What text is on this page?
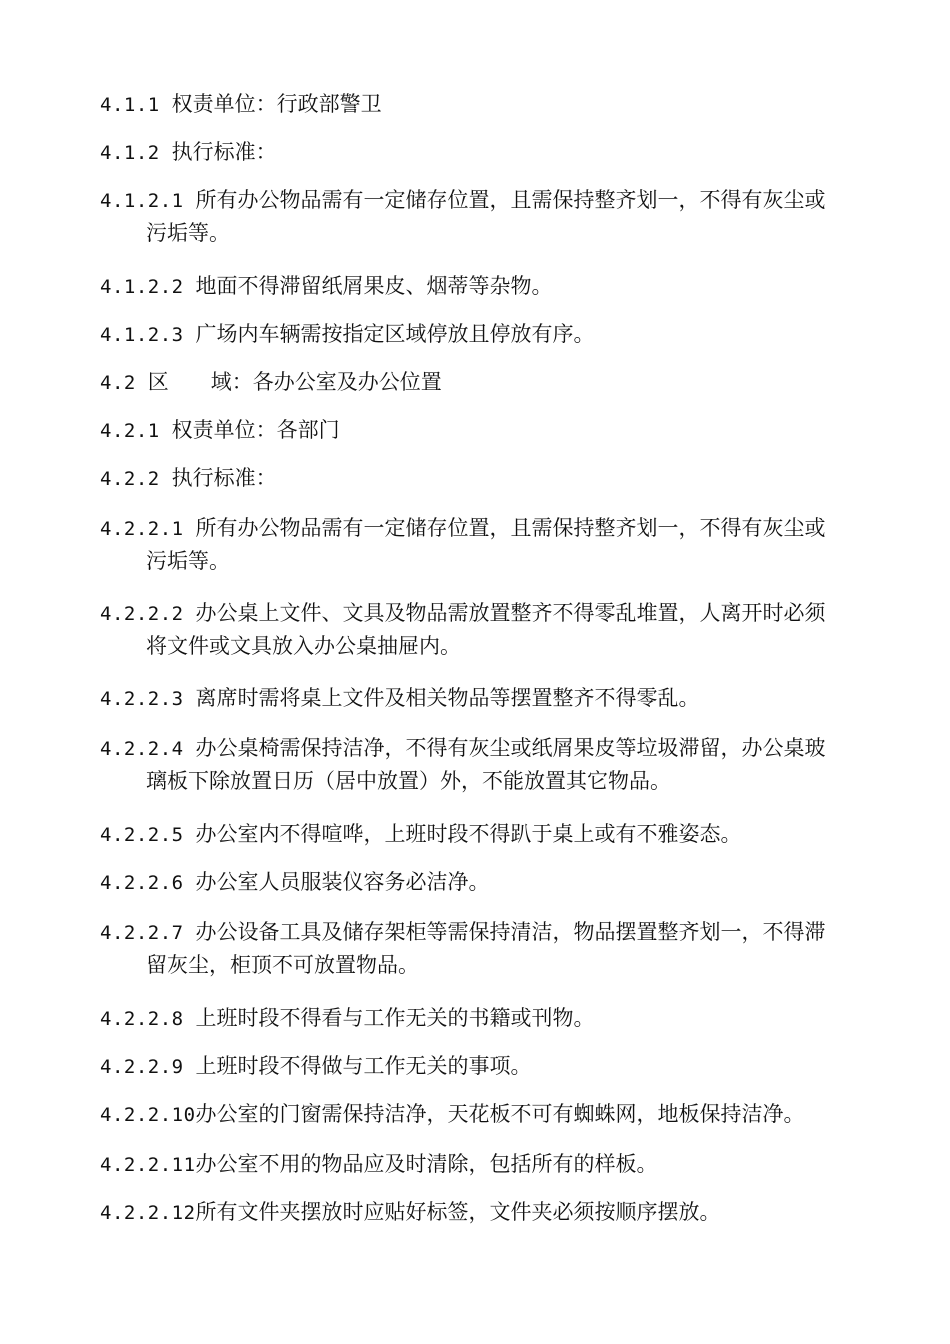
4.1.1 权责单位：行政部警卫
4.1.2 执行标准：
4.1.2.1 所有办公物品需有一定储存位置，且需保持整齐划一，不得有灰尘或
污垢等。
4.1.2.2 地面不得滞留纸屑果皮、烟蒂等杂物。
4.1.2.3 广场内车辆需按指定区域停放且停放有序。
4.2 区　　域：各办公室及办公位置
4.2.1 权责单位：各部门
4.2.2 执行标准：
4.2.2.1 所有办公物品需有一定储存位置，且需保持整齐划一，不得有灰尘或
污垢等。
4.2.2.2 办公桌上文件、文具及物品需放置整齐不得零乱堆置，人离开时必须
将文件或文具放入办公桌抽屉内。
4.2.2.3 离席时需将桌上文件及相关物品等摆置整齐不得零乱。
4.2.2.4 办公桌椅需保持洁净，不得有灰尘或纸屑果皮等垃圾滞留，办公桌玻
璃板下除放置日历（居中放置）外，不能放置其它物品。
4.2.2.5 办公室内不得喧哗，上班时段不得趴于桌上或有不雅姿态。
4.2.2.6 办公室人员服装仪容务必洁净。
4.2.2.7 办公设备工具及储存架柜等需保持清洁，物品摆置整齐划一，不得滞
留灰尘，柜顶不可放置物品。
4.2.2.8 上班时段不得看与工作无关的书籍或刊物。
4.2.2.9 上班时段不得做与工作无关的事项。
4.2.2.10办公室的门窗需保持洁净，天花板不可有蜘蛛网，地板保持洁净。
4.2.2.11办公室不用的物品应及时清除，包括所有的样板。
4.2.2.12所有文件夹摆放时应贴好标签，文件夹必须按顺序摆放。
